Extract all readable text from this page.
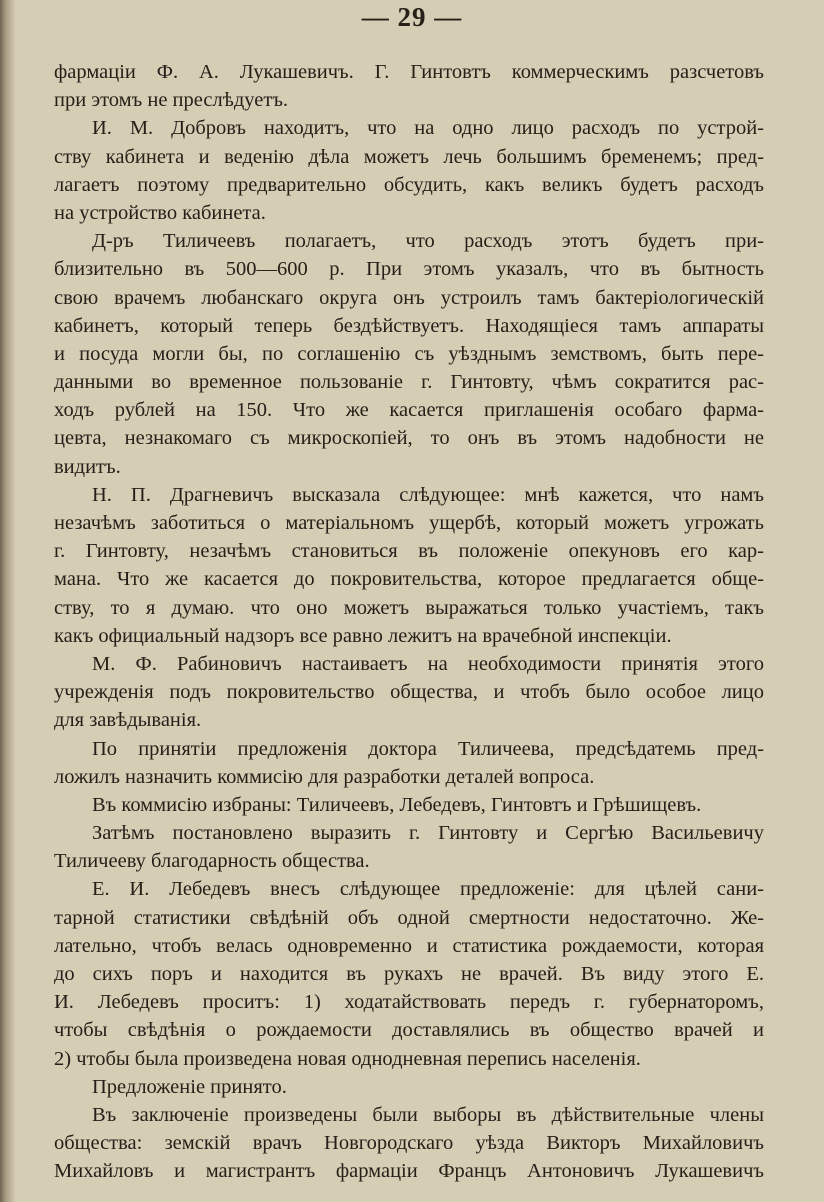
— 29 —
фармацiи Ф. А. Лукашевичъ. Г. Гинтовтъ коммерческимъ разсчетовъ
при этомъ не преслѣдуетъ.
И. М. Добровъ находитъ, что на одно лицо расходъ по устрой-
ству кабинета и веденiю дѣла можетъ лечь большимъ бременемъ; пред-
лагаетъ поэтому предварительно обсудить, какъ великъ будетъ расходъ
на устройство кабинета.
Д-ръ Тиличеевъ полагаетъ, что расходъ этотъ будетъ при-
близительно въ 500—600 р. При этомъ указалъ, что въ бытность
свою врачемъ любанскаго округа онъ устроилъ тамъ бактерiологическiй
кабинетъ, который теперь бездѣйствуетъ. Находящiеся тамъ аппараты
и посуда могли бы, по соглашенiю съ уѣзднымъ земствомъ, быть пере-
данными во временное пользованiе г. Гинтовту, чѣмъ сократится рас-
ходъ рублей на 150. Что же касается приглашенiя особаго фарма-
цевта, незнакомаго съ микроскопiей, то онъ въ этомъ надобности не
видитъ.
Н. П. Драгневичъ высказала слѣдующее: мнѣ кажется, что намъ
незачѣмъ заботиться о матерiальномъ ущербѣ, который можетъ угрожать
г. Гинтовту, незачѣмъ становиться въ положенiе опекуновъ его кар-
мана. Что же касается до покровительства, которое предлагается обще-
ству, то я думаю. что оно можетъ выражаться только участiемъ, такъ
какъ официальный надзоръ все равно лежитъ на врачебной инспекцiи.
М. Ф. Рабиновичъ настаиваетъ на необходимости принятiя этого
учрежденiя подъ покровительство общества, и чтобъ было особое лицо
для завѣдыванiя.
По принятiи предложенiя доктора Тиличеева, предсѣдатемь пред-
ложилъ назначить коммисiю для разработки деталей вопроса.
Въ коммисiю избраны: Тиличеевъ, Лебедевъ, Гинтовтъ и Грѣшищевъ.
Затѣмъ постановлено выразить г. Гинтовту и Сергѣю Васильевичу
Тиличееву благодарность общества.
Е. И. Лебедевъ внесъ слѣдующее предложенiе: для цѣлей сани-
тарной статистики свѣдѣнiй объ одной смертности недостаточно. Же-
лательно, чтобъ велась одновременно и статистика рождаемости, которая
до сихъ поръ и находится въ рукахъ не врачей. Въ виду этого Е.
И. Лебедевъ проситъ: 1) ходатайствовать передъ г. губернаторомъ,
чтобы свѣдѣнiя о рождаемости доставлялись въ общество врачей и
2) чтобы была произведена новая однодневная перепись населенiя.
Предложенiе принято.
Въ заключенiе произведены были выборы въ дѣйствительные члены
общества: земскiй врачъ Новгородскаго уѣзда Викторъ Михайловичъ
Михайловъ и магистрантъ фармацiи Францъ Антоновичъ Лукашевичъ
